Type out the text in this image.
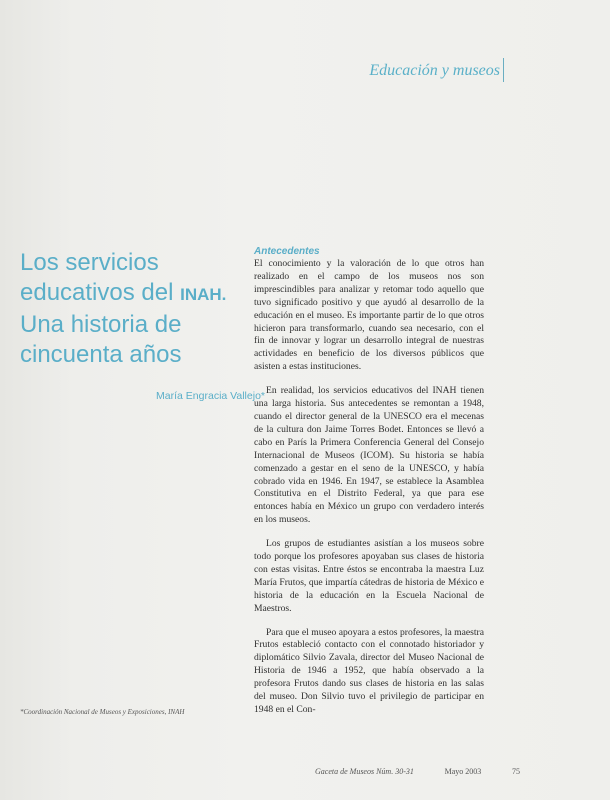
Educación y museos
Los servicios
educativos del INAH.
Una historia de
cincuenta años
María Engracia Vallejo*
Antecedentes

El conocimiento y la valoración de lo que otros han realizado en el campo de los museos nos son imprescindibles para analizar y retomar todo aquello que tuvo significado positivo y que ayudó al desarrollo de la educación en el museo. Es importante partir de lo que otros hicieron para transformarlo, cuando sea necesario, con el fin de innovar y lograr un desarrollo integral de nuestras actividades en beneficio de los diversos públicos que asisten a estas instituciones.

En realidad, los servicios educativos del INAH tienen una larga historia. Sus antecedentes se remontan a 1948, cuando el director general de la UNESCO era el mecenas de la cultura don Jaime Torres Bodet. Entonces se llevó a cabo en París la Primera Conferencia General del Consejo Internacional de Museos (ICOM). Su historia se había comenzado a gestar en el seno de la UNESCO, y había cobrado vida en 1946. En 1947, se establece la Asamblea Constitutiva en el Distrito Federal, ya que para ese entonces había en México un grupo con verdadero interés en los museos.

Los grupos de estudiantes asistían a los museos sobre todo porque los profesores apoyaban sus clases de historia con estas visitas. Entre éstos se encontraba la maestra Luz María Frutos, que impartía cátedras de historia de México e historia de la educación en la Escuela Nacional de Maestros.

Para que el museo apoyara a estos profesores, la maestra Frutos estableció contacto con el connotado historiador y diplomático Silvio Zavala, director del Museo Nacional de Historia de 1946 a 1952, que había observado a la profesora Frutos dando sus clases de historia en las salas del museo. Don Silvio tuvo el privilegio de participar en 1948 en el Con-

*Coordinación Nacional de Museos y Exposiciones, INAH
Gaceta de Museos Núm. 30-31	Mayo 2003	75
